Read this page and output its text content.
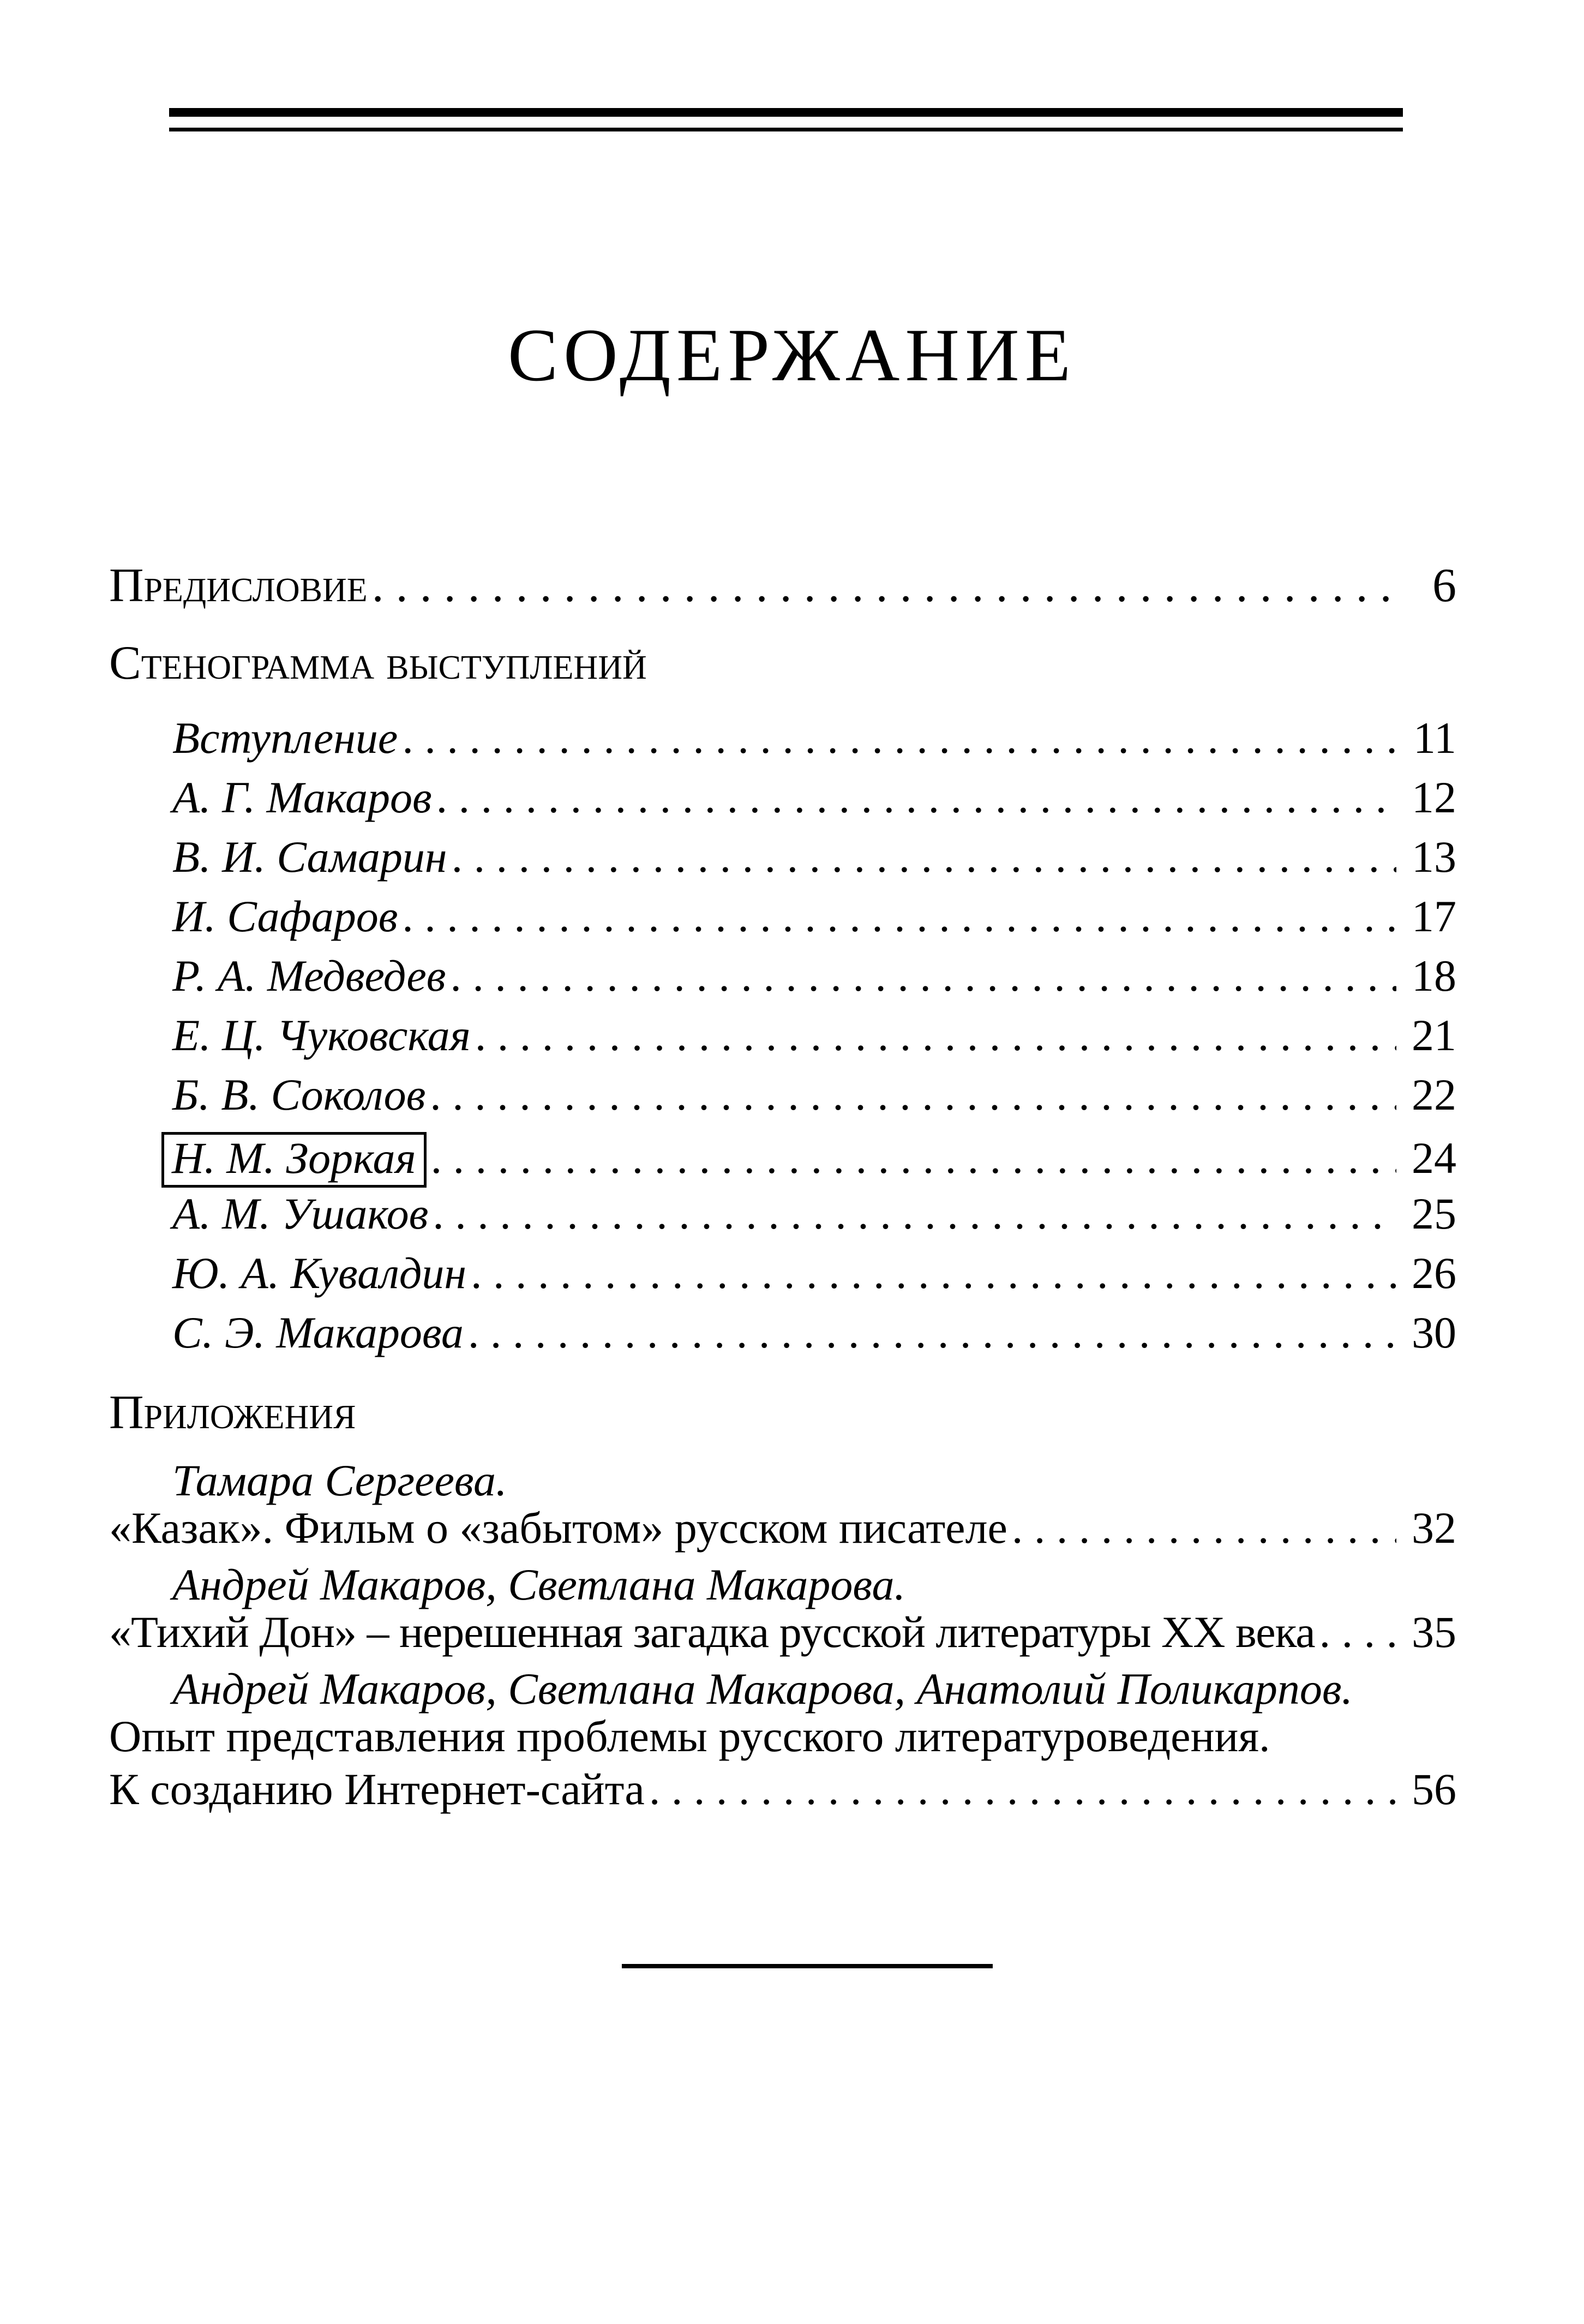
СОДЕРЖАНИЕ
Предисловие . . .	6
Стенограмма выступлений
Вступление . . .	11
А. Г. Макаров . . .	12
В. И. Самарин . . .	13
И. Сафаров . . .	17
Р. А. Медведев . . .	18
Е. Ц. Чуковская . . .	21
Б. В. Соколов . . .	22
Н. М. Зоркая . . .	24
А. М. Ушаков . . .	25
Ю. А. Кувалдин . . .	26
С. Э. Макарова . . .	30
Приложения
Тамара Сергеева.
«Казак». Фильм о «забытом» русском писателе . . .	32
Андрей Макаров, Светлана Макарова.
«Тихий Дон» – нерешенная загадка русской литературы XX века . . . 35
Андрей Макаров, Светлана Макарова, Анатолий Поликарпов.
Опыт представления проблемы русского литературоведения.
К созданию Интернет-сайта . . .	56
